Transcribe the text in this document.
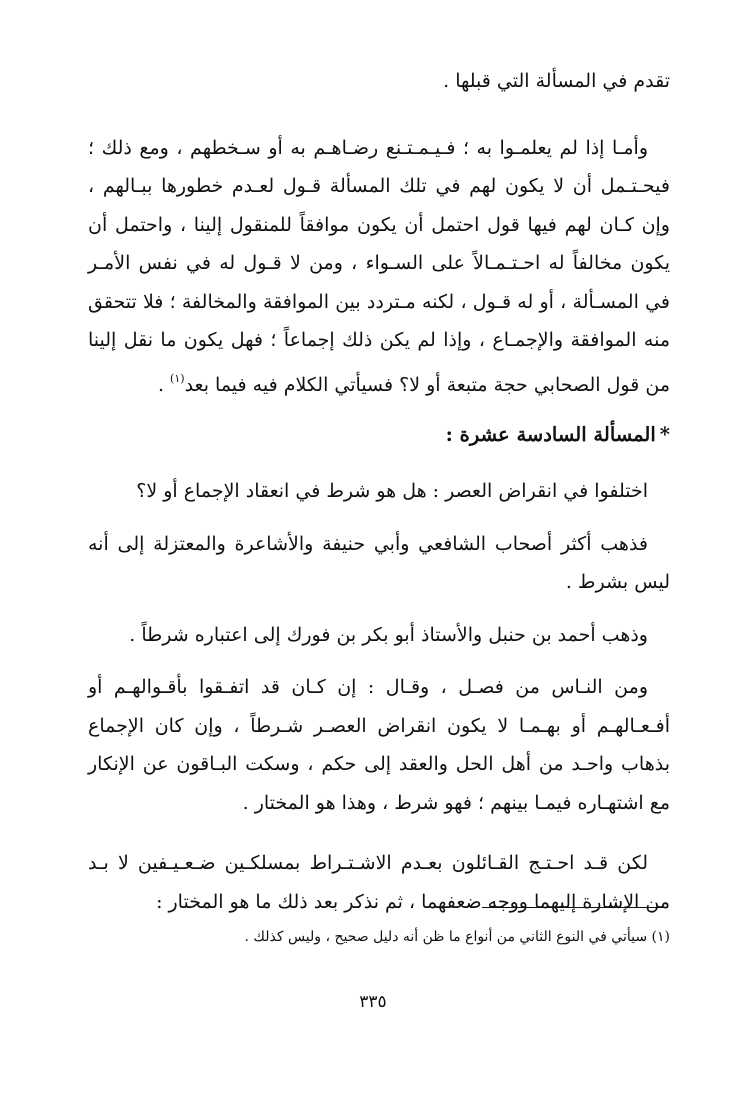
تقدم في المسألة التي قبلها .

وأمـا إذا لم يعلمـوا به ؛ فـيـمـتـنع رضـاهـم به أو سـخطهم ، ومع ذلك ؛ فيحـتـمل أن لا يكون لهم في تلك المسألة قـول لعـدم خطورها ببـالهم ، وإن كـان لهم فيها قول احتمل أن يكون موافقاً للمنقول إلينا ، واحتمل أن يكون مخالفاً له احـتـمـالاً على السـواء ، ومن لا قـول له في نفس الأمـر في المسـألة ، أو له قـول ، لكنه مـتردد بين الموافقة والمخالفة ؛ فلا تتحقق منه الموافقة والإجمـاع ، وإذا لم يكن ذلك إجماعاً ؛ فهل يكون ما نقل إلينا من قول الصحابي حجة متبعة أو لا؟ فسيأتي الكلام فيه فيما بعد$^{(١)}$ .

*المسألة السادسة عشرة :

اختلفوا في انقراض العصر : هل هو شرط في انعقاد الإجماع أو لا؟

فذهب أكثر أصحاب الشافعي وأبي حنيفة والأشاعرة والمعتزلة إلى أنه ليس بشرط .

وذهب أحمد بن حنبل والأستاذ أبو بكر بن فورك إلى اعتباره شرطاً .

ومن النـاس من فصـل ، وقـال : إن كـان قد اتفـقوا بأقـوالهـم أو أفـعـالهـم أو بهـمـا لا يكون انقراض العصـر شـرطاً ، وإن كان الإجماع بذهاب واحـد من أهل الحل والعقد إلى حكم ، وسكت البـاقون عن الإنكار مع اشتهـاره فيمـا بينهم ؛ فهو شرط ، وهذا هو المختار .

لكن قـد احـتـج القـائلون بعـدم الاشـتـراط بمسلكـين ضـعـيـفين لا بـد من الإشارة إليهما ووجه ضعفهما ، ثم نذكر بعد ذلك ما هو المختار :

(١) سيأتي في النوع الثاني من أنواع ما ظن أنه دليل صحيح ، وليس كذلك .
٣٣٥
